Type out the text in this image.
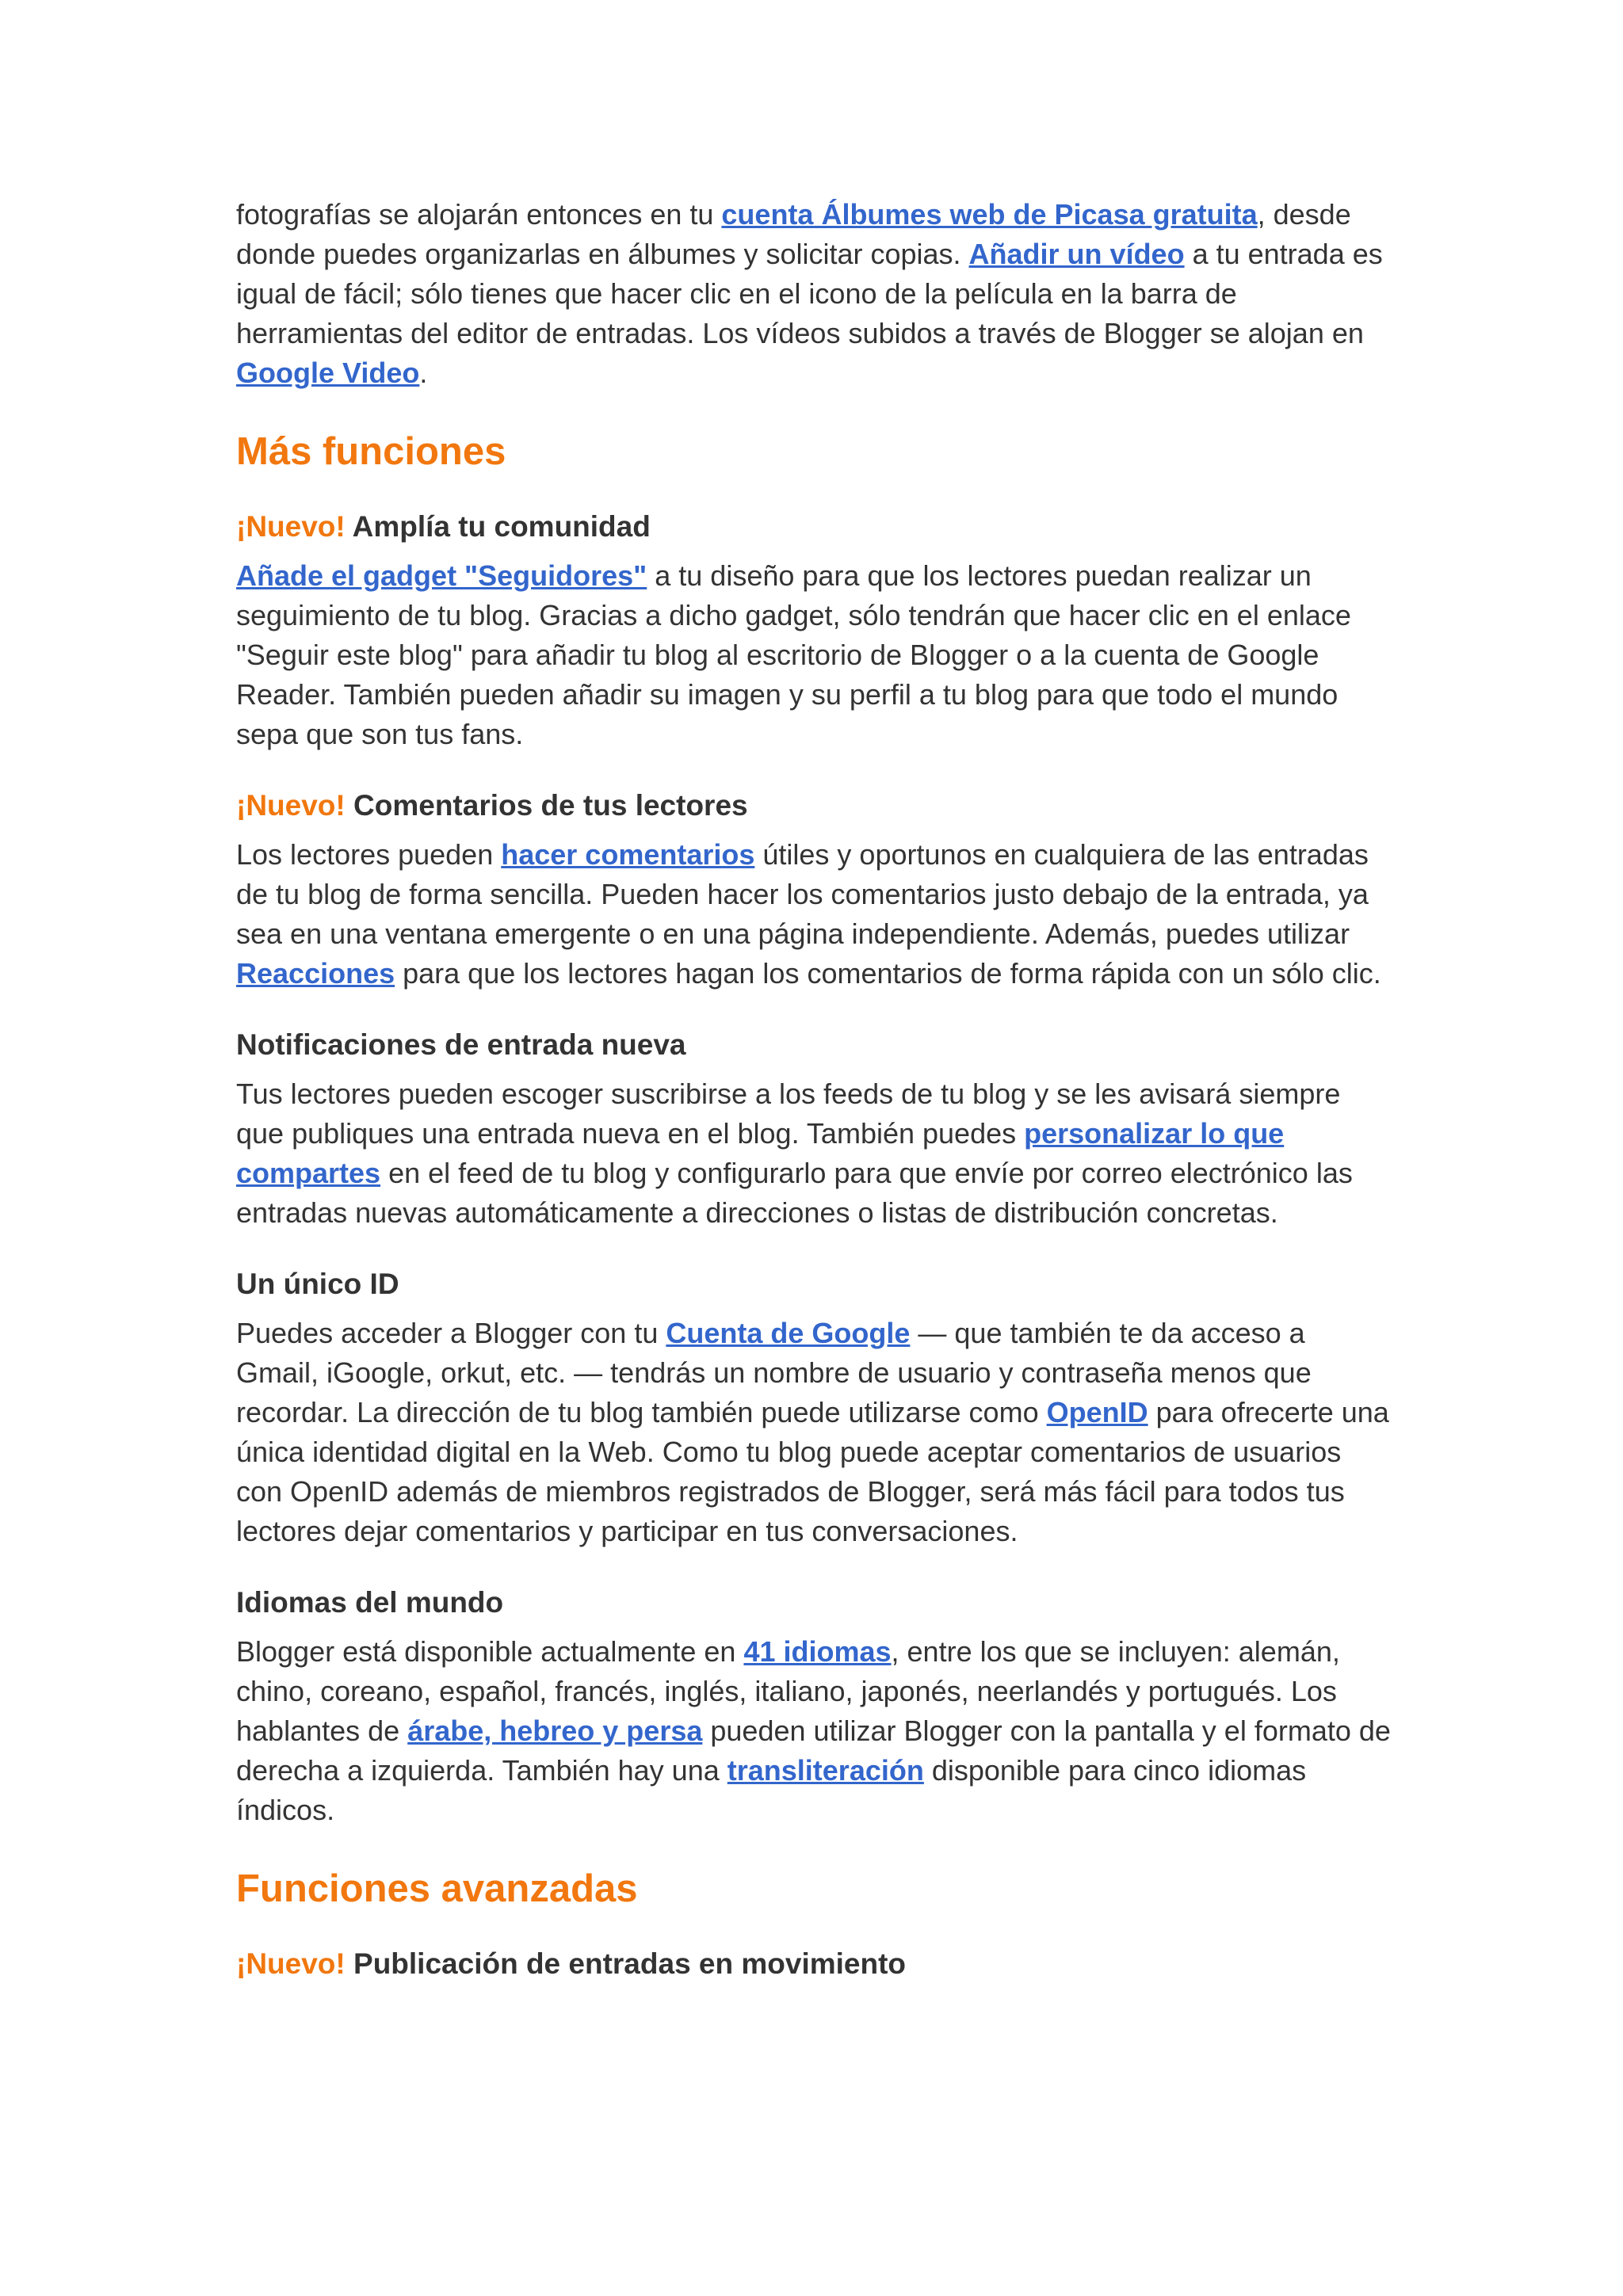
fotografías se alojarán entonces en tu cuenta Álbumes web de Picasa gratuita, desde donde puedes organizarlas en álbumes y solicitar copias. Añadir un vídeo a tu entrada es igual de fácil; sólo tienes que hacer clic en el icono de la película en la barra de herramientas del editor de entradas. Los vídeos subidos a través de Blogger se alojan en Google Video.

Más funciones
¡Nuevo! Amplía tu comunidad

Añade el gadget "Seguidores" a tu diseño para que los lectores puedan realizar un seguimiento de tu blog. Gracias a dicho gadget, sólo tendrán que hacer clic en el enlace "Seguir este blog" para añadir tu blog al escritorio de Blogger o a la cuenta de Google Reader. También pueden añadir su imagen y su perfil a tu blog para que todo el mundo sepa que son tus fans.

¡Nuevo! Comentarios de tus lectores

Los lectores pueden hacer comentarios útiles y oportunos en cualquiera de las entradas de tu blog de forma sencilla. Pueden hacer los comentarios justo debajo de la entrada, ya sea en una ventana emergente o en una página independiente. Además, puedes utilizar Reacciones para que los lectores hagan los comentarios de forma rápida con un sólo clic.

Notificaciones de entrada nueva

Tus lectores pueden escoger suscribirse a los feeds de tu blog y se les avisará siempre que publiques una entrada nueva en el blog. También puedes personalizar lo que compartes en el feed de tu blog y configurarlo para que envíe por correo electrónico las entradas nuevas automáticamente a direcciones o listas de distribución concretas.

Un único ID

Puedes acceder a Blogger con tu Cuenta de Google — que también te da acceso a Gmail, iGoogle, orkut, etc. — tendrás un nombre de usuario y contraseña menos que recordar. La dirección de tu blog también puede utilizarse como OpenID para ofrecerte una única identidad digital en la Web. Como tu blog puede aceptar comentarios de usuarios con OpenID además de miembros registrados de Blogger, será más fácil para todos tus lectores dejar comentarios y participar en tus conversaciones.

Idiomas del mundo

Blogger está disponible actualmente en 41 idiomas, entre los que se incluyen: alemán, chino, coreano, español, francés, inglés, italiano, japonés, neerlandés y portugués. Los hablantes de árabe, hebreo y persa pueden utilizar Blogger con la pantalla y el formato de derecha a izquierda. También hay una transliteración disponible para cinco idiomas índicos.

Funciones avanzadas
¡Nuevo! Publicación de entradas en movimiento
